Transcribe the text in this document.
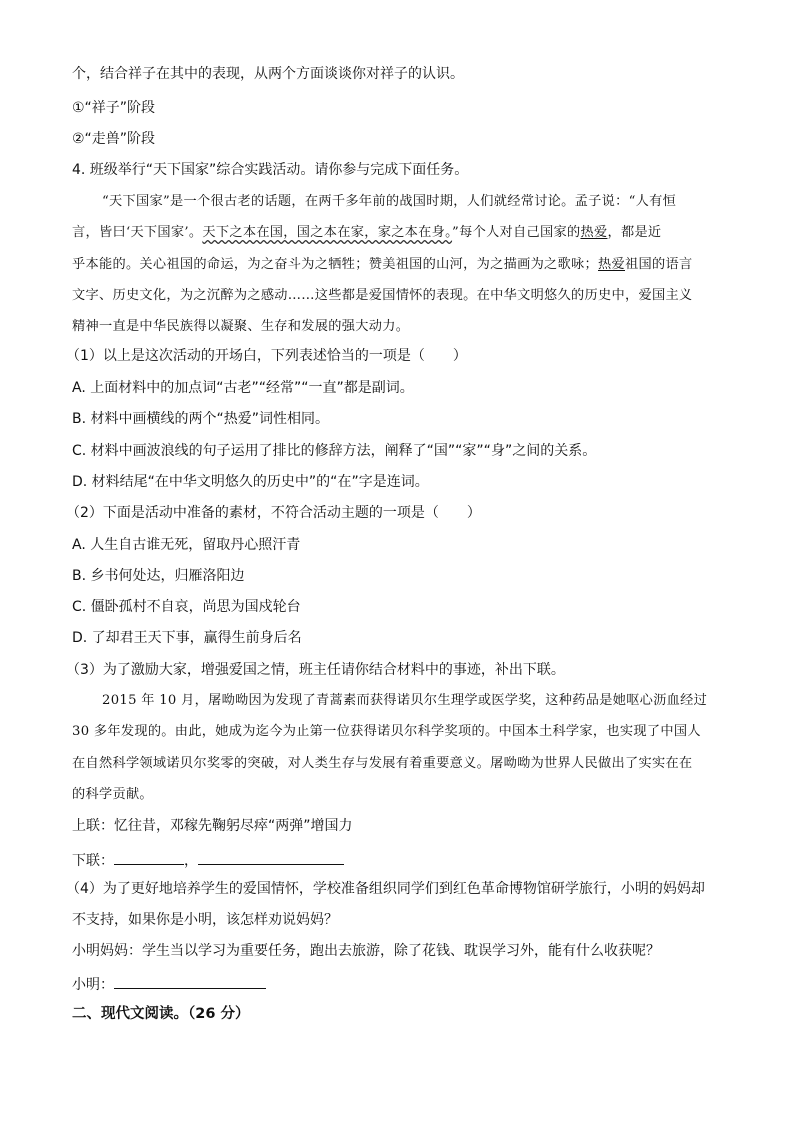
个，结合祥子在其中的表现，从两个方面谈谈你对祥子的认识。
①“祥子”阶段
②“走兽”阶段
4. 班级举行“天下国家”综合实践活动。请你参与完成下面任务。
“天下国家”是一个很古老的话题，在两千多年前的战国时期，人们就经常讨论。孟子说：“人有恒
言，皆曰‘天下国家’。天下之本在国，国之本在家，家之本在身。”每个人对自己国家的热爱，都是近
乎本能的。关心祖国的命运，为之奋斗为之牺牲；赞美祖国的山河，为之描画为之歌咏；热爱祖国的语言
文字、历史文化，为之沉醉为之感动……这些都是爱国情怀的表现。在中华文明悠久的历史中，爱国主义
精神一直是中华民族得以凝聚、生存和发展的强大动力。
（1）以上是这次活动的开场白，下列表述恰当的一项是（　　）
A. 上面材料中的加点词“古老”“经常”“一直”都是副词。
B. 材料中画横线的两个“热爱”词性相同。
C. 材料中画波浪线的句子运用了排比的修辞方法，阐释了“国”“家”“身”之间的关系。
D. 材料结尾“在中华文明悠久的历史中”的“在”字是连词。
（2）下面是活动中准备的素材，不符合活动主题的一项是（　　）
A. 人生自古谁无死，留取丹心照汗青
B. 乡书何处达，归雁洛阳边
C. 僵卧孤村不自哀，尚思为国戍轮台
D. 了却君王天下事，赢得生前身后名
（3）为了激励大家，增强爱国之情，班主任请你结合材料中的事迹，补出下联。
2015 年 10 月，屠呦呦因为发现了青蒿素而获得诺贝尔生理学或医学奖，这种药品是她呕心沥血经过
30 多年发现的。由此，她成为迄今为止第一位获得诺贝尔科学奖项的。中国本土科学家，也实现了中国人
在自然科学领域诺贝尔奖零的突破，对人类生存与发展有着重要意义。屠呦呦为世界人民做出了实实在在
的科学贡献。
上联：忆往昔，邓稼先鞠躬尽瘁“两弹”增国力
下联：	，
（4）为了更好地培养学生的爱国情怀，学校准备组织同学们到红色革命博物馆研学旅行，小明的妈妈却
不支持，如果你是小明，该怎样劝说妈妈？
小明妈妈：学生当以学习为重要任务，跑出去旅游，除了花钱、耽误学习外，能有什么收获呢？
小明：
二、现代文阅读。（26 分）
